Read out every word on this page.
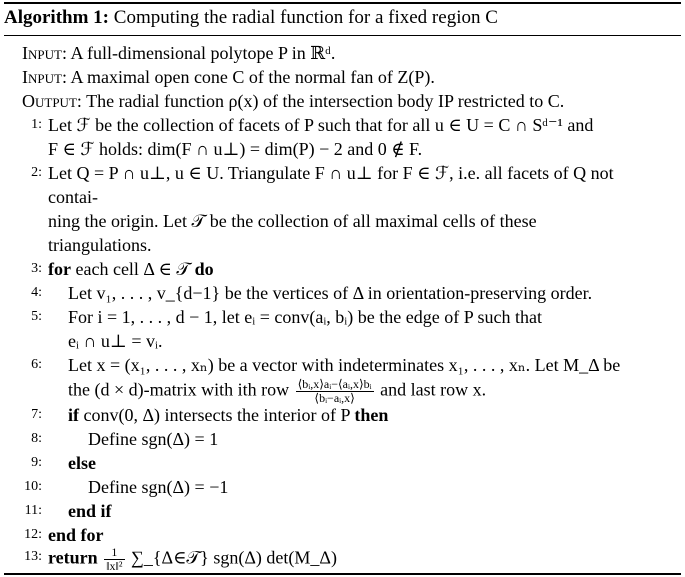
Algorithm 1: Computing the radial function for a fixed region C
Input: A full-dimensional polytope P in ℝᵈ.
Input: A maximal open cone C of the normal fan of Z(P).
Output: The radial function ρ(x) of the intersection body IP restricted to C.
1: Let ℱ be the collection of facets of P such that for all u ∈ U = C ∩ Sᵈ⁻¹ and
F ∈ ℱ holds: dim(F ∩ u⊥) = dim(P) − 2 and 0 ∉ F.
2: Let Q = P ∩ u⊥, u ∈ U. Triangulate F ∩ u⊥ for F ∈ ℱ, i.e. all facets of Q not
contai-
ning the origin. Let 𝒯 be the collection of all maximal cells of these
triangulations.
3: for each cell Δ ∈ 𝒯 do
4: Let v₁, . . . , v_{d−1} be the vertices of Δ in orientation-preserving order.
5: For i = 1, . . . , d − 1, let eᵢ = conv(aᵢ, bᵢ) be the edge of P such that
eᵢ ∩ u⊥ = vᵢ.
6: Let x = (x₁, . . . , xₙ) be a vector with indeterminates x₁, . . . , xₙ. Let M_Δ be
the (d × d)-matrix with ith row $\frac{\text{⟨bᵢ,x⟩aᵢ−⟨aᵢ,x⟩bᵢ}}{\text{⟨bᵢ−aᵢ,x⟩}}$ and last row x.
7: if conv(0, Δ) intersects the interior of P then
8:	Define sgn(Δ) = 1
9: else
10:	Define sgn(Δ) = −1
11: end if
12: end for
13: return $\frac{1}{\text{‖x‖²}}$ ∑_{Δ∈𝒯} sgn(Δ) det(M_Δ)
